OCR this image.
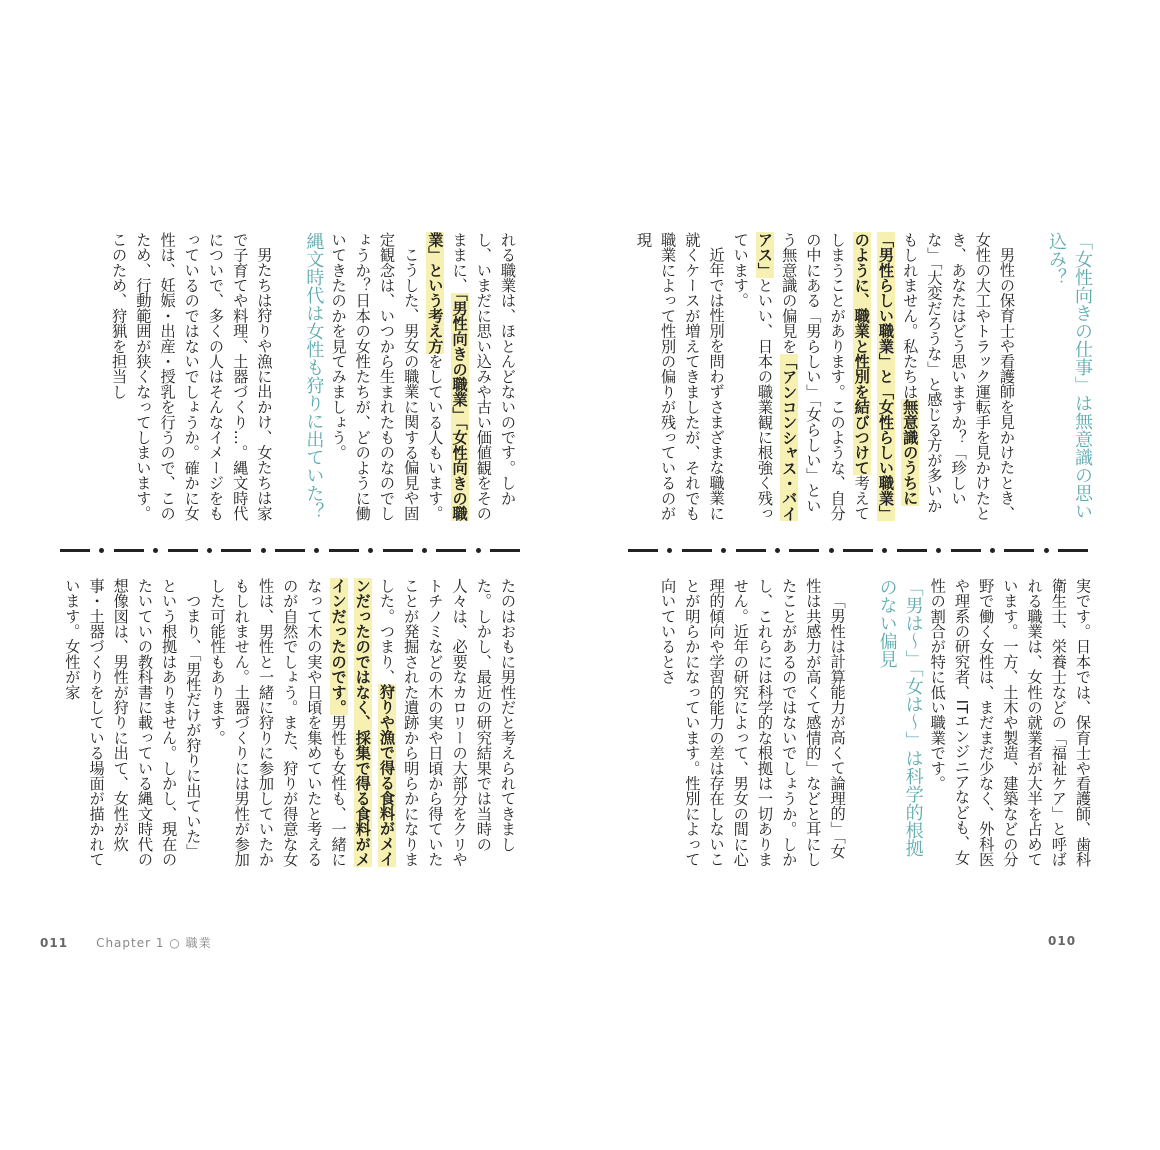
「女性向きの仕事」は無意識の思い込み？

男性の保育士や看護師を見かけたとき、女性の大工やトラック運転手を見かけたとき、あなたはどう思いますか？「珍しいな」「大変だろうな」と感じる方が多いかもしれません。私たちは無意識のうちに「男性らしい職業」と「女性らしい職業」のように、職業と性別を結びつけて考えてしまうことがあります。このような、自分の中にある「男らしい」「女らしい」という無意識の偏見を「アンコンシャス・バイアス」といい、日本の職業観に根強く残っています。

近年では性別を問わずさまざまな職業に就くケースが増えてきましたが、それでも職業によって性別の偏りが残っているのが現

実です。日本では、保育士や看護師、歯科衛生士、栄養士などの「福祉ケア」と呼ばれる職業は、女性の就業者が大半を占めています。一方、土木や製造、建築などの分野で働く女性は、まだまだ少なく、外科医や理系の研究者、ITエンジニアなども、女性の割合が特に低い職業です。

「男は〜」「女は〜」は科学的根拠のない偏見

「男性は計算能力が高くて論理的」「女性は共感力が高くて感情的」などと耳にしたことがあるのではないでしょうか。しかし、これらには科学的な根拠は一切ありません。近年の研究によって、男女の間に心理的傾向や学習的能力の差は存在しないことが明らかになっています。性別によって向いているとさ

010

れる職業は、ほとんどないのです。しかし、いまだに思い込みや古い価値観をそのままに、「男性向きの職業」「女性向きの職業」という考え方をしている人もいます。

こうした、男女の職業に関する偏見や固定観念は、いつから生まれたものなのでしょうか？日本の女性たちが、どのように働いてきたのかを見てみましょう。

縄文時代は女性も狩りに出ていた？

男たちは狩りや漁に出かけ、女たちは家で子育てや料理、土器づくり…。縄文時代についで、多くの人はそんなイメージをもっているのではないでしょうか。確かに女性は、妊娠・出産・授乳を行うので、このため、行動範囲が狭くなってしまいます。このため、狩猟を担当し

たのはおもに男性だと考えられてきました。しかし、最近の研究結果では当時の人々は、必要なカロリーの大部分をクリやトチノミなどの木の実や日頃から得ていたことが発掘された遺跡から明らかになりました。つまり、狩りや漁で得る食料がメインだったのではなく、採集で得る食料がメインだったのです。男性も女性も、一緒になって木の実や日頃を集めていたと考えるのが自然でしょう。また、狩りが得意な女性は、男性と一緒に狩りに参加していたかもしれません。土器づくりには男性が参加した可能性もあります。

つまり、「男性だけが狩りに出ていた」という根拠はありません。しかし、現在のたいていの教科書に載っている縄文時代の想像図は、男性が狩りに出て、女性が炊事・土器づくりをしている場面が描かれています。女性が家

011 Chapter 1 ○ 職業
